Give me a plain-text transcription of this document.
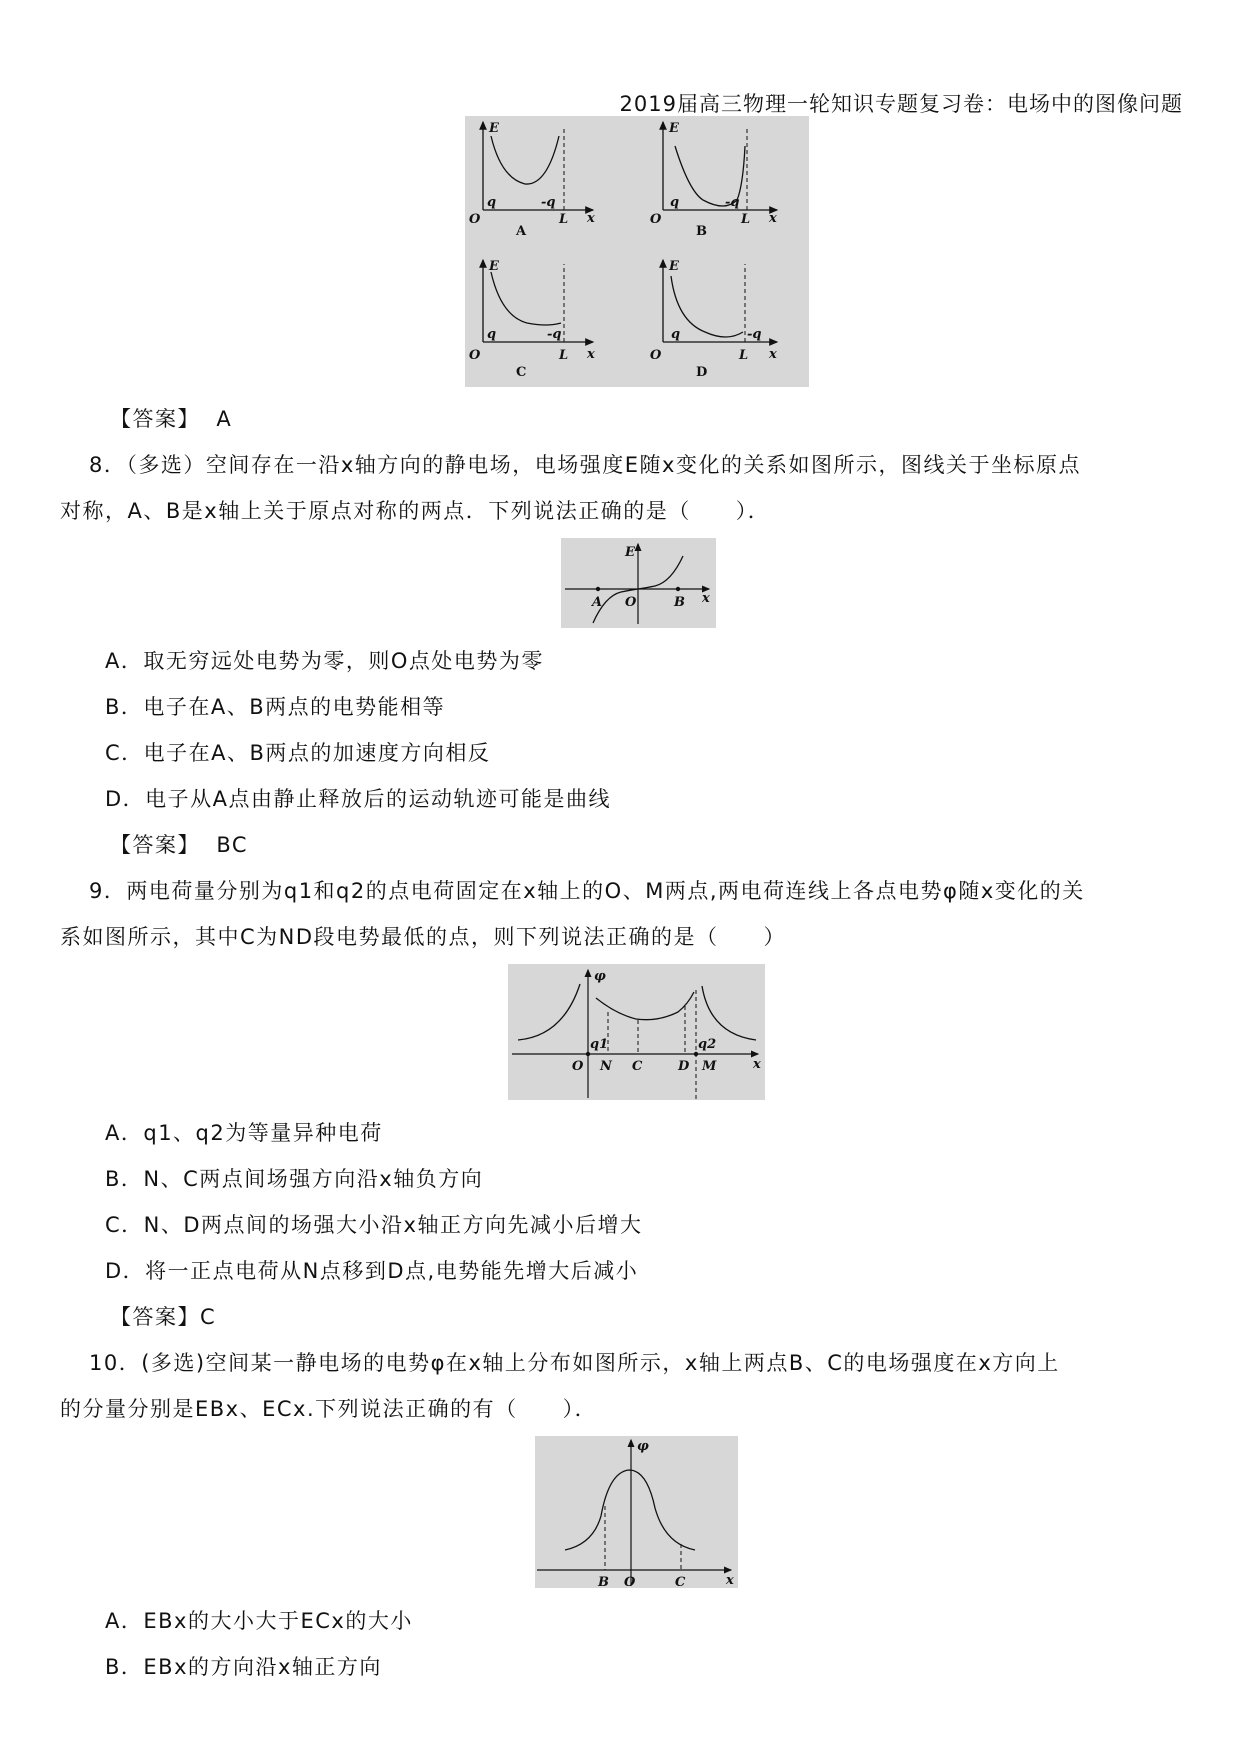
2019届高三物理一轮知识专题复习卷：电场中的图像问题
E
O
q	-q
L x
A
E
O
q	-q
L x
B
E
O
q	-q
L x
C
E
O
q	-q
L x
D
【答案】 A
8．（多选）空间存在一沿x轴方向的静电场，电场强度E随x变化的关系如图所示，图线关于坐标原点
对称，A、B是x轴上关于原点对称的两点．下列说法正确的是（　　）．
E
A O	B x
A．取无穷远处电势为零，则O点处电势为零
B．电子在A、B两点的电势能相等
C．电子在A、B两点的加速度方向相反
D．电子从A点由静止释放后的运动轨迹可能是曲线
【答案】 BC
9．两电荷量分别为q1和q2的点电荷固定在x轴上的O、M两点,两电荷连线上各点电势φ随x变化的关
系如图所示，其中C为ND段电势最低的点，则下列说法正确的是（　　）
φ
q1	q2
O N C	D M	x
A．q1、q2为等量异种电荷
B．N、C两点间场强方向沿x轴负方向
C．N、D两点间的场强大小沿x轴正方向先减小后增大
D．将一正点电荷从N点移到D点,电势能先增大后减小
【答案】C
10．(多选)空间某一静电场的电势φ在x轴上分布如图所示，x轴上两点B、C的电场强度在x方向上
的分量分别是EBx、ECx.下列说法正确的有（　　）．
φ
B O	C	x
A．EBx的大小大于ECx的大小
B．EBx的方向沿x轴正方向
